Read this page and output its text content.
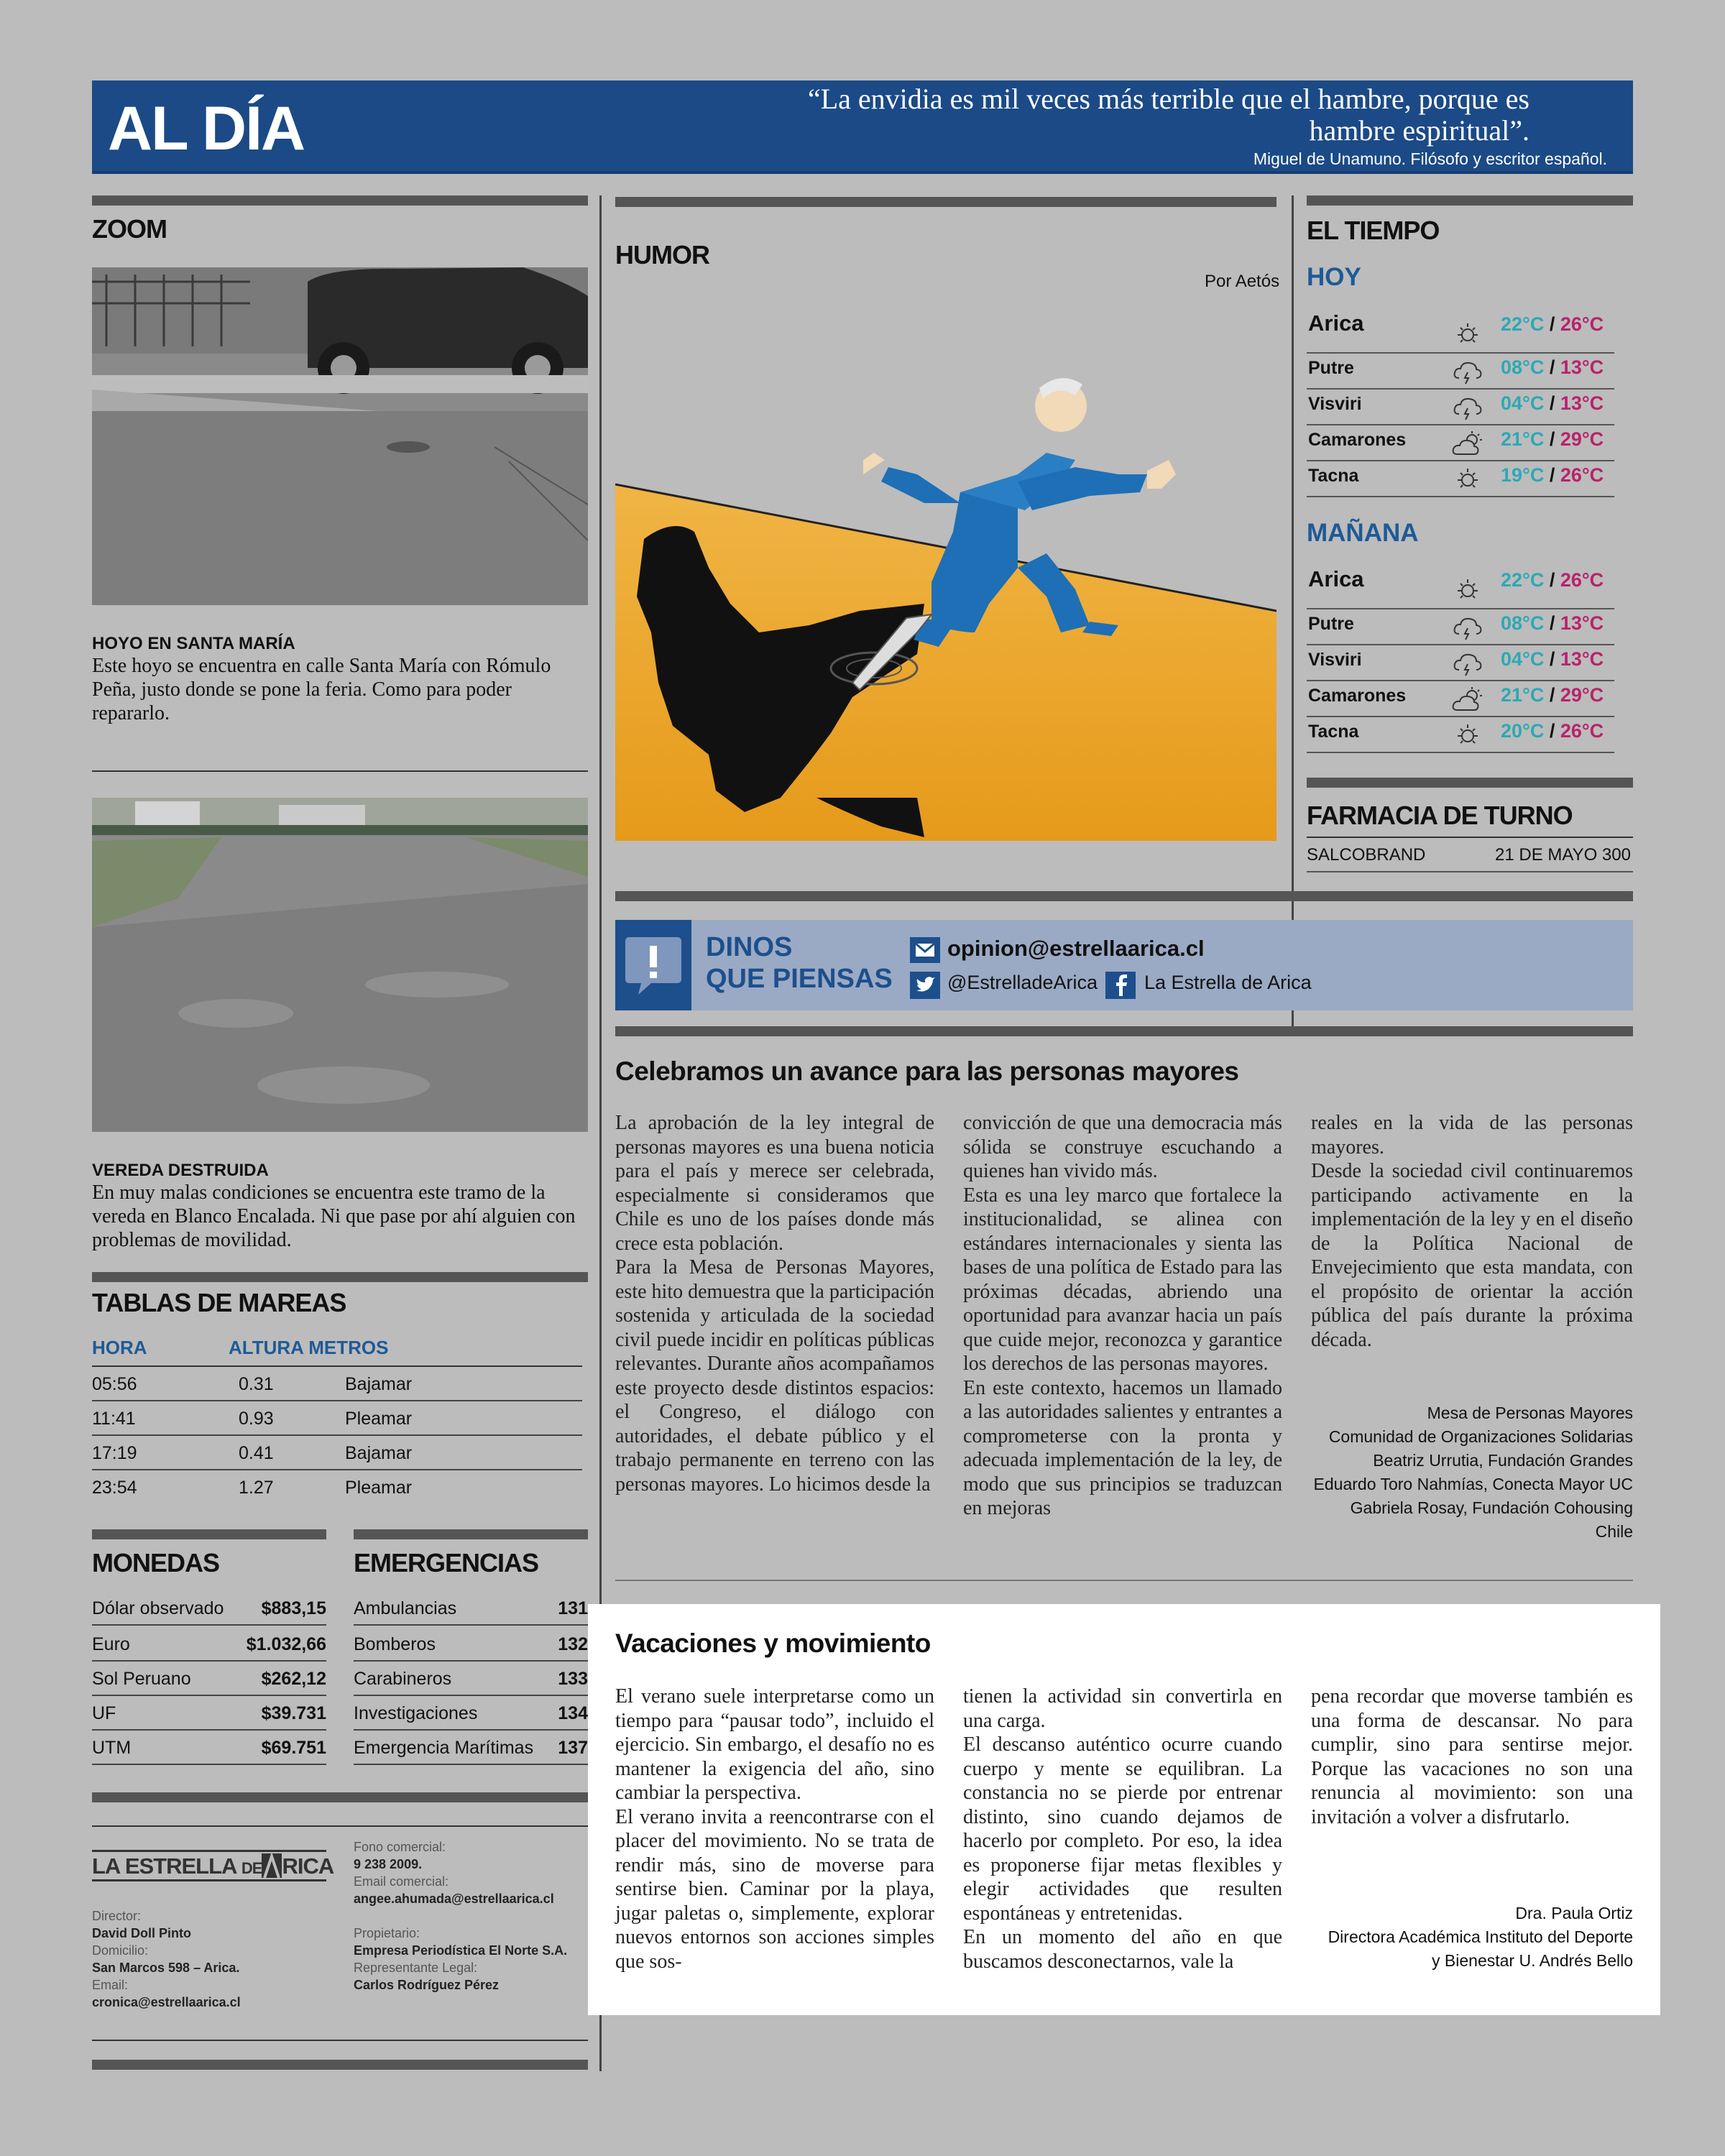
AL DÍA	“La envidia es mil veces más terrible que el hambre, porque es hambre espiritual”.
Miguel de Unamuno. Filósofo y escritor español.
ZOOM
HOYO EN SANTA MARÍA
Este hoyo se encuentra en calle Santa María con Rómulo Peña, justo donde se pone la feria. Como para poder repararlo.
VEREDA DESTRUIDA
En muy malas condiciones se encuentra este tramo de la vereda en Blanco Encalada. Ni que pase por ahí alguien con problemas de movilidad.
TABLAS DE MAREAS
HORA	ALTURA METROS
05:56	0.31	Bajamar
11:41	0.93	Pleamar
17:19	0.41	Bajamar
23:54	1.27	Pleamar
MONEDAS
Dólar observado $883,15
Euro	$1.032,66
Sol Peruano	$262,12
UF	$39.731
UTM	$69.751
EMERGENCIAS
Ambulancias	131
Bomberos	132
Carabineros	133
Investigaciones	134
Emergencia Marítimas 137
LA ESTRELLA DE RICA
Director:
David Doll Pinto
Domicilio:
San Marcos 598 – Arica.
Email:
cronica@estrellaarica.cl
Fono comercial:
9 238 2009.
Email comercial:
angee.ahumada@estrellaarica.cl
Propietario:
Empresa Periodística El Norte S.A.
Representante Legal:
Carlos Rodríguez Pérez
HUMOR
Por Aetós
EL TIEMPO
HOY
Arica	22°C / 26°C
Putre	08°C / 13°C
Visviri	04°C / 13°C
Camarones	21°C / 29°C
Tacna	19°C / 26°C
MAÑANA
Arica	22°C / 26°C
Putre	08°C / 13°C
Visviri	04°C / 13°C
Camarones	21°C / 29°C
Tacna	20°C / 26°C
FARMACIA DE TURNO
SALCOBRAND	21 DE MAYO 300
DINOS
QUE PIENSAS
opinion@estrellaarica.cl
@EstrelladeArica La Estrella de Arica
Celebramos un avance para las personas mayores

La aprobación de la ley integral de personas mayores es una buena noticia para el país y merece ser celebrada, especialmente si consideramos que Chile es uno de los países donde más crece esta población.

Para la Mesa de Personas Mayores, este hito demuestra que la participación sostenida y articulada de la sociedad civil puede incidir en políticas públicas relevantes. Durante años acompañamos este proyecto desde distintos espacios: el Congreso, el diálogo con autoridades, el debate público y el trabajo permanente en terreno con las personas mayores. Lo hicimos desde la

convicción de que una democracia más sólida se construye escuchando a quienes han vivido más.

Esta es una ley marco que fortalece la institucionalidad, se alinea con estándares internacionales y sienta las bases de una política de Estado para las próximas décadas, abriendo una oportunidad para avanzar hacia un país que cuide mejor, reconozca y garantice los derechos de las personas mayores.

En este contexto, hacemos un llamado a las autoridades salientes y entrantes a comprometerse con la pronta y adecuada implementación de la ley, de modo que sus principios se traduzcan en mejoras

reales en la vida de las personas mayores.

Desde la sociedad civil continuaremos participando activamente en la implementación de la ley y en el diseño de la Política Nacional de Envejecimiento que esta mandata, con el propósito de orientar la acción pública del país durante la próxima década.

Mesa de Personas Mayores
Comunidad de Organizaciones Solidarias
Beatriz Urrutia, Fundación Grandes
Eduardo Toro Nahmías, Conecta Mayor UC
Gabriela Rosay, Fundación Cohousing
Chile
Vacaciones y movimiento

El verano suele interpretarse como un tiempo para “pausar todo”, incluido el ejercicio. Sin embargo, el desafío no es mantener la exigencia del año, sino cambiar la perspectiva.

El verano invita a reencontrarse con el placer del movimiento. No se trata de rendir más, sino de moverse para sentirse bien. Caminar por la playa, jugar paletas o, simplemente, explorar nuevos entornos son acciones simples que sos-

tienen la actividad sin convertirla en una carga.

El descanso auténtico ocurre cuando cuerpo y mente se equilibran. La constancia no se pierde por entrenar distinto, sino cuando dejamos de hacerlo por completo. Por eso, la idea es proponerse fijar metas flexibles y elegir actividades que resulten espontáneas y entretenidas.

En un momento del año en que buscamos desconectarnos, vale la

pena recordar que moverse también es una forma de descansar. No para cumplir, sino para sentirse mejor. Porque las vacaciones no son una renuncia al movimiento: son una invitación a volver a disfrutarlo.

Dra. Paula Ortiz
Directora Académica Instituto del Deporte
y Bienestar U. Andrés Bello
